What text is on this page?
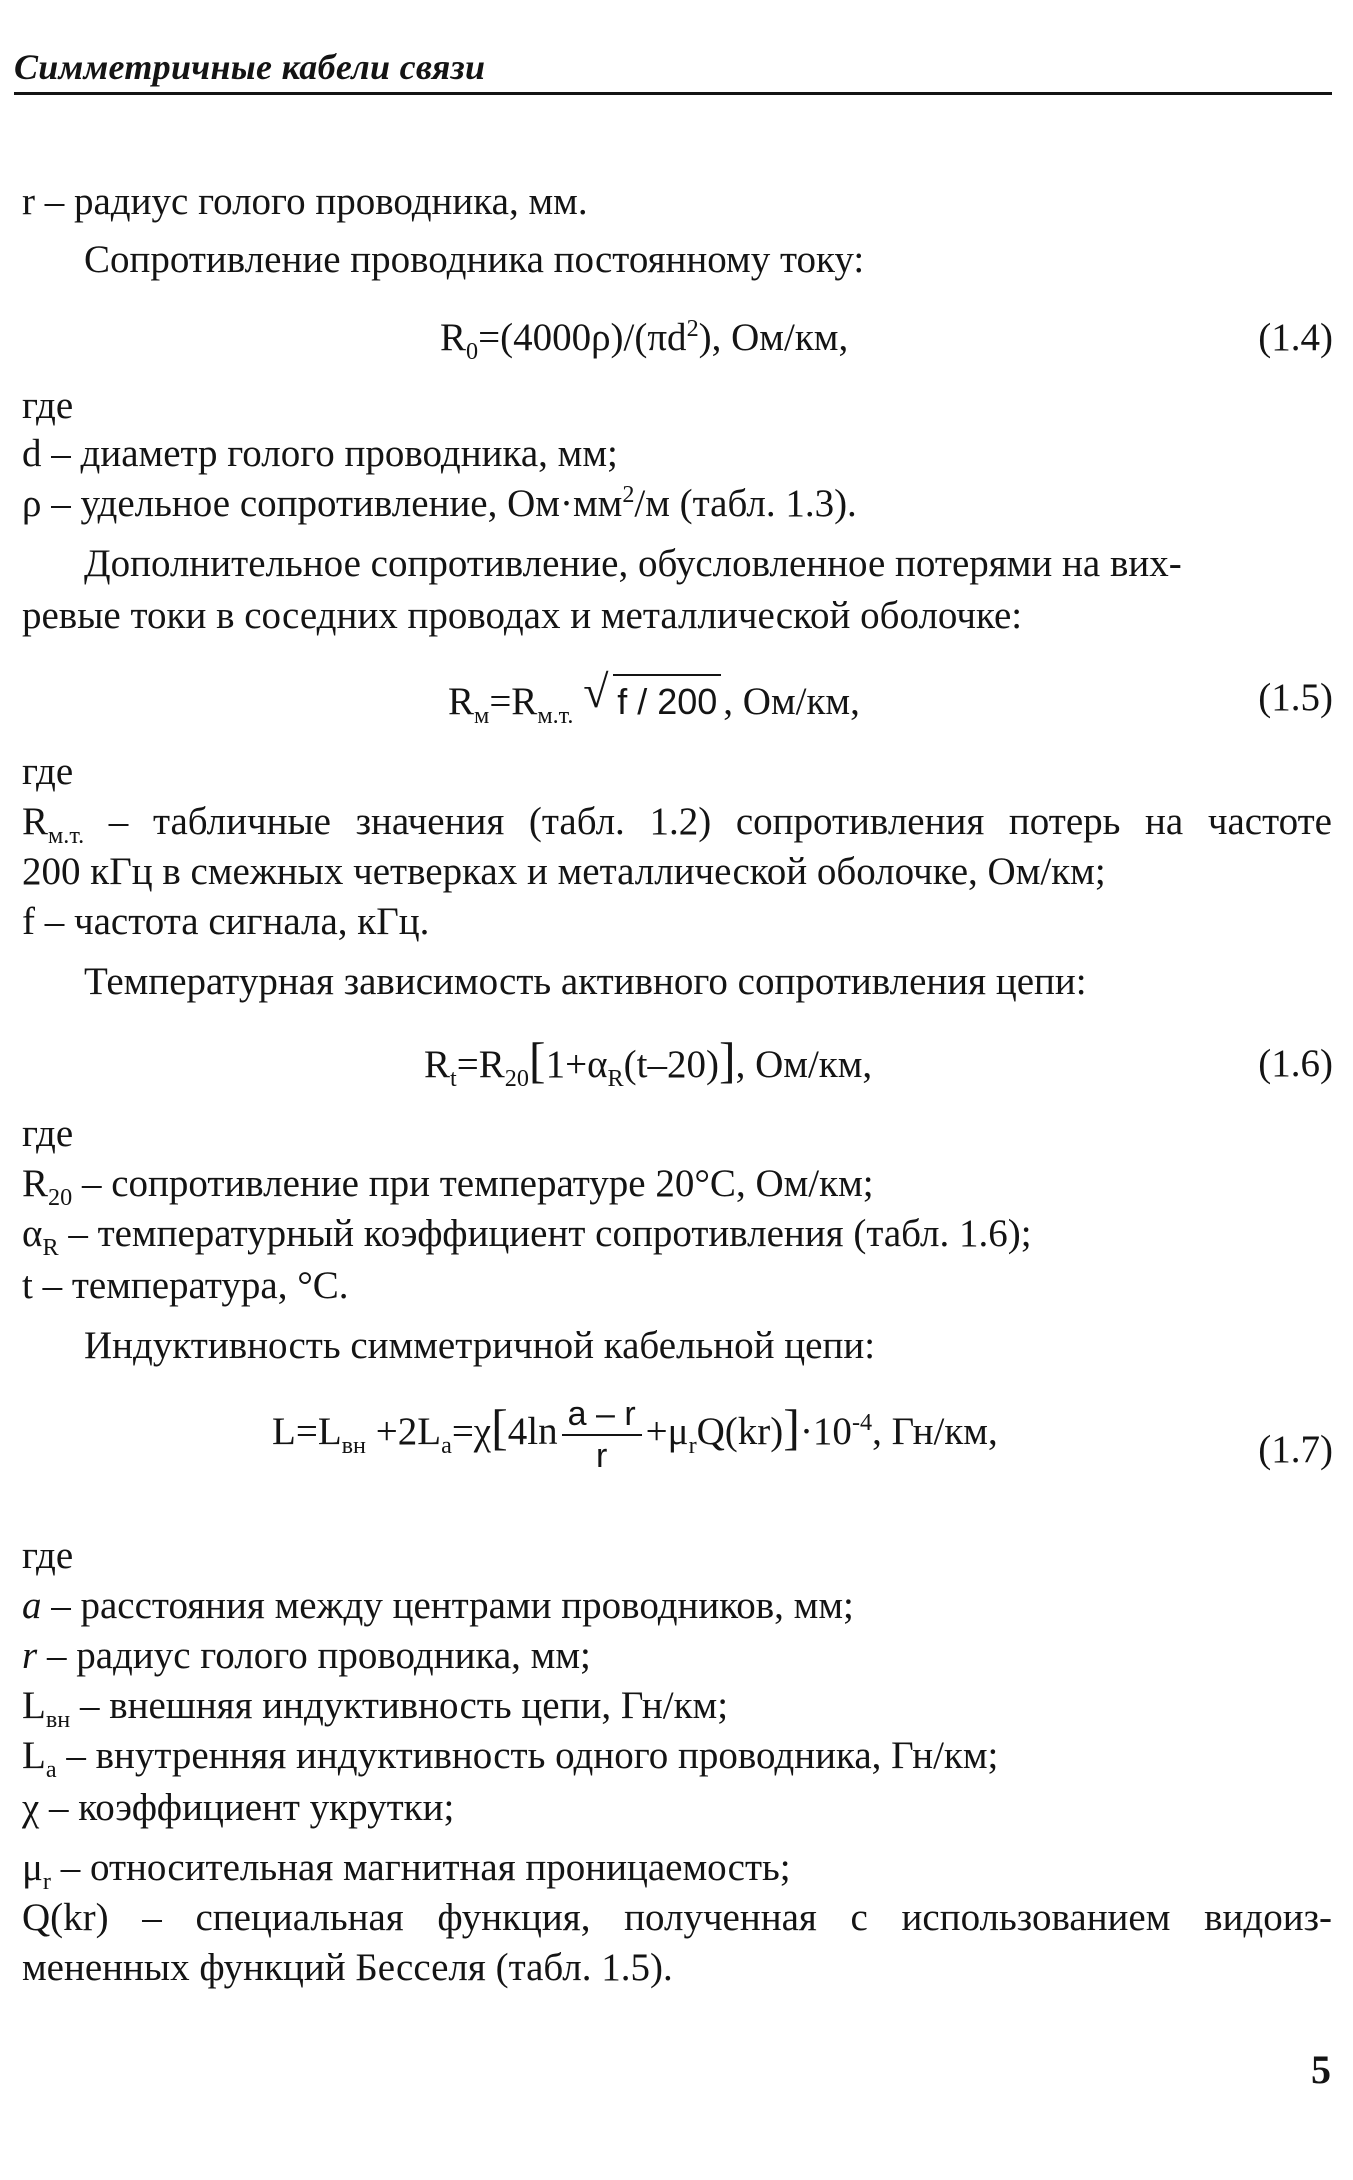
Симметричные кабели связи
r – радиус голого проводника, мм.
Сопротивление проводника постоянному току:
$R_0=(4000\rho)/(\pi d^2)$, Ом/км,	(1.4)
где
d – диаметр голого проводника, мм;
ρ – удельное сопротивление, $Ом\cdot мм^2/м$ (табл. 1.3).
Дополнительное сопротивление, обусловленное потерями на вих-
ревые токи в соседних проводах и металлической оболочке:
$R_м=R_{м.т.}$ √ f / 200 , Ом/км,	(1.5)
где
$R_{м.т.}$ – табличные значения (табл. 1.2) сопротивления потерь на частоте
200 кГц в смежных четверках и металлической оболочке, Ом/км;
f – частота сигнала, кГц.
Температурная зависимость активного сопротивления цепи:
$R_t=R_{20}[1+\alpha_R(t-20)]$, Ом/км,	(1.6)
где
$R_{20}$ – сопротивление при температуре 20°С, Ом/км;
$\alpha_R$ – температурный коэффициент сопротивления (табл. 1.6);
t – температура, °С.
Индуктивность симметричной кабельной цепи:
$L=L_{вн} +2L_a=\chi[4\ln \frac{a - r}{r} +\mu_rQ(kr)]\cdot 10^{-4}$, Гн/км,	(1.7)
где
a – расстояния между центрами проводников, мм;
r – радиус голого проводника, мм;
$L_{вн}$ – внешняя индуктивность цепи, Гн/км;
$L_a$ – внутренняя индуктивность одного проводника, Гн/км;
χ – коэффициент укрутки;
$\mu_r$ – относительная магнитная проницаемость;
Q(kr) – специальная функция, полученная с использованием видоиз-
мененных функций Бесселя (табл. 1.5).
5
